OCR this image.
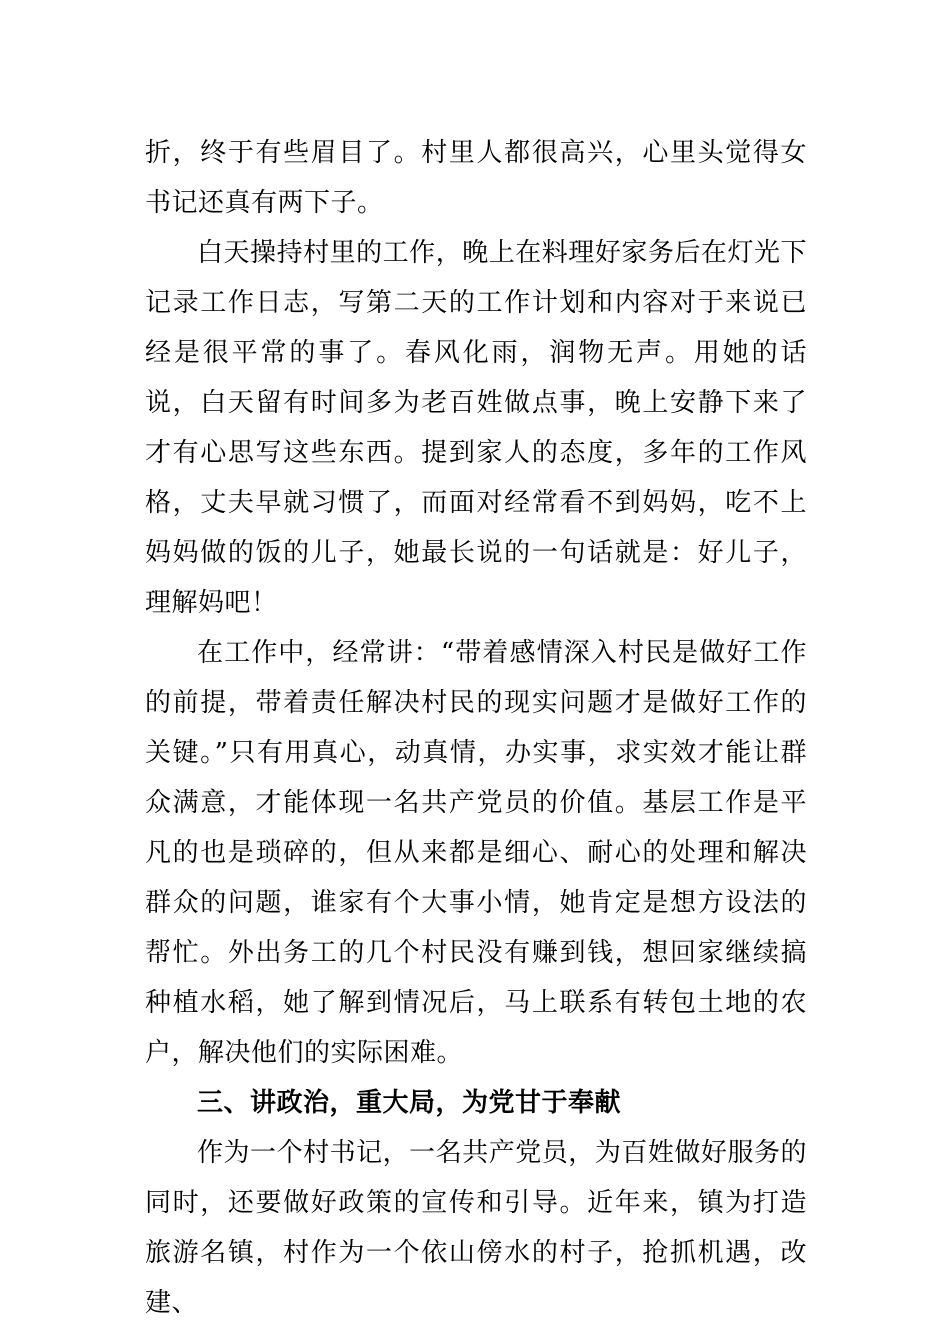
折，终于有些眉目了。村里人都很高兴，心里头觉得女书记还真有两下子。

白天操持村里的工作，晚上在料理好家务后在灯光下记录工作日志，写第二天的工作计划和内容对于来说已经是很平常的事了。春风化雨，润物无声。用她的话说，白天留有时间多为老百姓做点事，晚上安静下来了才有心思写这些东西。提到家人的态度，多年的工作风格，丈夫早就习惯了，而面对经常看不到妈妈，吃不上妈妈做的饭的儿子，她最长说的一句话就是：好儿子，理解妈吧！

在工作中，经常讲：“带着感情深入村民是做好工作的前提，带着责任解决村民的现实问题才是做好工作的关键。”只有用真心，动真情，办实事，求实效才能让群众满意，才能体现一名共产党员的价值。基层工作是平凡的也是琐碎的，但从来都是细心、耐心的处理和解决群众的问题，谁家有个大事小情，她肯定是想方设法的帮忙。外出务工的几个村民没有赚到钱，想回家继续搞种植水稻，她了解到情况后，马上联系有转包土地的农户，解决他们的实际困难。

三、讲政治，重大局，为党甘于奉献

作为一个村书记，一名共产党员，为百姓做好服务的同时，还要做好政策的宣传和引导。近年来，镇为打造旅游名镇，村作为一个依山傍水的村子，抢抓机遇，改建、
